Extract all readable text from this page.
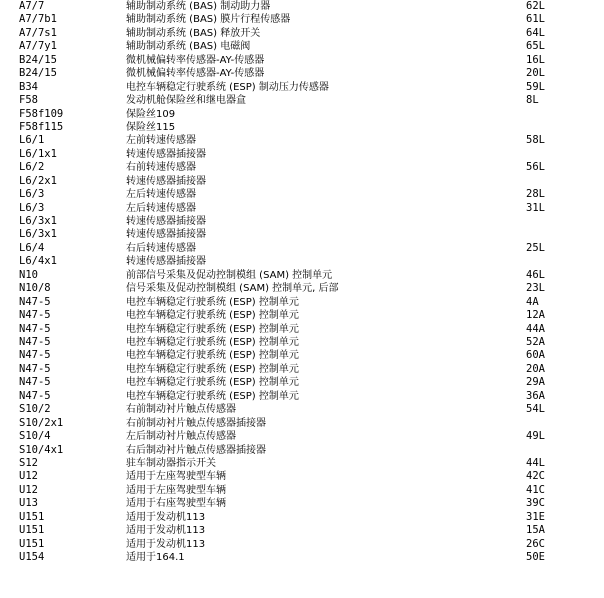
A7/7	辅助制动系统 (BAS) 制动助力器	62L
A7/7b1	辅助制动系统 (BAS) 膜片行程传感器	61L
A7/7s1	辅助制动系统 (BAS) 释放开关	64L
A7/7y1	辅助制动系统 (BAS) 电磁阀	65L
B24/15	微机械偏转率传感器-AY-传感器	16L
B24/15	微机械偏转率传感器-AY-传感器	20L
B34	电控车辆稳定行驶系统 (ESP) 制动压力传感器	59L
F58	发动机舱保险丝和继电器盒	8L
F58f109	保险丝109
F58f115	保险丝115
L6/1	左前转速传感器	58L
L6/1x1	转速传感器插接器
L6/2	右前转速传感器	56L
L6/2x1	转速传感器插接器
L6/3	左后转速传感器	28L
L6/3	左后转速传感器	31L
L6/3x1	转速传感器插接器
L6/3x1	转速传感器插接器
L6/4	右后转速传感器	25L
L6/4x1	转速传感器插接器
N10	前部信号采集及促动控制模组 (SAM) 控制单元	46L
N10/8	信号采集及促动控制模组 (SAM) 控制单元, 后部	23L
N47-5	电控车辆稳定行驶系统 (ESP) 控制单元	4A
N47-5	电控车辆稳定行驶系统 (ESP) 控制单元	12A
N47-5	电控车辆稳定行驶系统 (ESP) 控制单元	44A
N47-5	电控车辆稳定行驶系统 (ESP) 控制单元	52A
N47-5	电控车辆稳定行驶系统 (ESP) 控制单元	60A
N47-5	电控车辆稳定行驶系统 (ESP) 控制单元	20A
N47-5	电控车辆稳定行驶系统 (ESP) 控制单元	29A
N47-5	电控车辆稳定行驶系统 (ESP) 控制单元	36A
S10/2	右前制动衬片触点传感器	54L
S10/2x1	右前制动衬片触点传感器插接器
S10/4	左后制动衬片触点传感器	49L
S10/4x1	右后制动衬片触点传感器插接器
S12	驻车制动器指示开关	44L
U12	适用于左座驾驶型车辆	42C
U12	适用于左座驾驶型车辆	41C
U13	适用于右座驾驶型车辆	39C
U151	适用于发动机113	31E
U151	适用于发动机113	15A
U151	适用于发动机113	26C
U154	适用于164.1	50E
